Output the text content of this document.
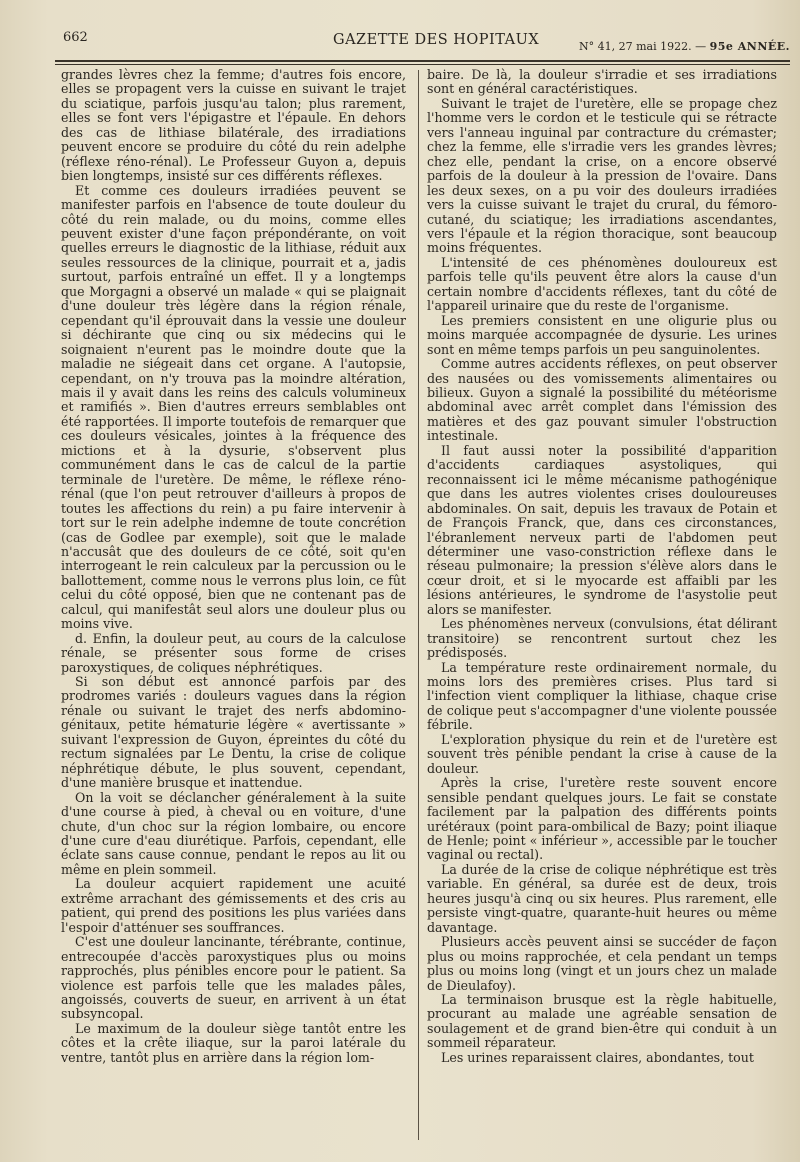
662	GAZETTE DES HOPITAUX	N° 41, 27 mai 1922. — 95e ANNÉE.

grandes lèvres chez la femme; d'autres fois encore, elles se propagent vers la cuisse en suivant le trajet du sciatique, parfois jusqu'au talon; plus rarement, elles se font vers l'épigastre et l'épaule. En dehors des cas de lithiase bilatérale, des irradiations peuvent encore se produire du côté du rein adelphe (réflexe réno-rénal). Le Professeur Guyon a, depuis bien longtemps, insisté sur ces différents réflexes.

Et comme ces douleurs irradiées peuvent se manifester parfois en l'absence de toute douleur du côté du rein malade, ou du moins, comme elles peuvent exister d'une façon prépondérante, on voit quelles erreurs le diagnostic de la lithiase, réduit aux seules ressources de la clinique, pourrait et a, jadis surtout, parfois entraîné un effet. Il y a longtemps que Morgagni a observé un malade « qui se plaignait d'une douleur très légère dans la région rénale, cependant qu'il éprouvait dans la vessie une douleur si déchirante que cinq ou six médecins qui le soignaient n'eurent pas le moindre doute que la maladie ne siégeait dans cet organe. A l'autopsie, cependant, on n'y trouva pas la moindre altération, mais il y avait dans les reins des calculs volumineux et ramifiés ». Bien d'autres erreurs semblables ont été rapportées. Il importe toutefois de remarquer que ces douleurs vésicales, jointes à la fréquence des mictions et à la dysurie, s'observent plus communément dans le cas de calcul de la partie terminale de l'uretère. De même, le réflexe réno-rénal (que l'on peut retrouver d'ailleurs à propos de toutes les affections du rein) a pu faire intervenir à tort sur le rein adelphe indemne de toute concrétion (cas de Godlee par exemple), soit que le malade n'accusât que des douleurs de ce côté, soit qu'en interrogeant le rein calculeux par la percussion ou le ballottement, comme nous le verrons plus loin, ce fût celui du côté opposé, bien que ne contenant pas de calcul, qui manifestât seul alors une douleur plus ou moins vive.

d. Enfin, la douleur peut, au cours de la calculose rénale, se présenter sous forme de crises paroxystiques, de coliques néphrétiques.

Si son début est annoncé parfois par des prodromes variés : douleurs vagues dans la région rénale ou suivant le trajet des nerfs abdomino-génitaux, petite hématurie légère « avertissante » suivant l'expression de Guyon, épreintes du côté du rectum signalées par Le Dentu, la crise de colique néphrétique débute, le plus souvent, cependant, d'une manière brusque et inattendue.

On la voit se déclancher généralement à la suite d'une course à pied, à cheval ou en voiture, d'une chute, d'un choc sur la région lombaire, ou encore d'une cure d'eau diurétique. Parfois, cependant, elle éclate sans cause connue, pendant le repos au lit ou même en plein sommeil.

La douleur acquiert rapidement une acuité extrême arrachant des gémissements et des cris au patient, qui prend des positions les plus variées dans l'espoir d'atténuer ses souffrances.

C'est une douleur lancinante, térébrante, continue, entrecoupée d'accès paroxystiques plus ou moins rapprochés, plus pénibles encore pour le patient. Sa violence est parfois telle que les malades pâles, angoissés, couverts de sueur, en arrivent à un état subsyncopal.

Le maximum de la douleur siège tantôt entre les côtes et la crête iliaque, sur la paroi latérale du ventre, tantôt plus en arrière dans la région lom-

baire. De là, la douleur s'irradie et ses irradiations sont en général caractéristiques.

Suivant le trajet de l'uretère, elle se propage chez l'homme vers le cordon et le testicule qui se rétracte vers l'anneau inguinal par contracture du crémaster; chez la femme, elle s'irradie vers les grandes lèvres; chez elle, pendant la crise, on a encore observé parfois de la douleur à la pression de l'ovaire. Dans les deux sexes, on a pu voir des douleurs irradiées vers la cuisse suivant le trajet du crural, du fémoro-cutané, du sciatique; les irradiations ascendantes, vers l'épaule et la région thoracique, sont beaucoup moins fréquentes.

L'intensité de ces phénomènes douloureux est parfois telle qu'ils peuvent être alors la cause d'un certain nombre d'accidents réflexes, tant du côté de l'appareil urinaire que du reste de l'organisme.

Les premiers consistent en une oligurie plus ou moins marquée accompagnée de dysurie. Les urines sont en même temps parfois un peu sanguinolentes.

Comme autres accidents réflexes, on peut observer des nausées ou des vomissements alimentaires ou bilieux. Guyon a signalé la possibilité du météorisme abdominal avec arrêt complet dans l'émission des matières et des gaz pouvant simuler l'obstruction intestinale.

Il faut aussi noter la possibilité d'apparition d'accidents cardiaques asystoliques, qui reconnaissent ici le même mécanisme pathogénique que dans les autres violentes crises douloureuses abdominales. On sait, depuis les travaux de Potain et de François Franck, que, dans ces circonstances, l'ébranlement nerveux parti de l'abdomen peut déterminer une vaso-constriction réflexe dans le réseau pulmonaire; la pression s'élève alors dans le cœur droit, et si le myocarde est affaibli par les lésions antérieures, le syndrome de l'asystolie peut alors se manifester.

Les phénomènes nerveux (convulsions, état délirant transitoire) se rencontrent surtout chez les prédisposés.

La température reste ordinairement normale, du moins lors des premières crises. Plus tard si l'infection vient compliquer la lithiase, chaque crise de colique peut s'accompagner d'une violente poussée fébrile.

L'exploration physique du rein et de l'uretère est souvent très pénible pendant la crise à cause de la douleur.

Après la crise, l'uretère reste souvent encore sensible pendant quelques jours. Le fait se constate facilement par la palpation des différents points urétéraux (point para-ombilical de Bazy; point iliaque de Henle; point « inférieur », accessible par le toucher vaginal ou rectal).

La durée de la crise de colique néphrétique est très variable. En général, sa durée est de deux, trois heures jusqu'à cinq ou six heures. Plus rarement, elle persiste vingt-quatre, quarante-huit heures ou même davantage.

Plusieurs accès peuvent ainsi se succéder de façon plus ou moins rapprochée, et cela pendant un temps plus ou moins long (vingt et un jours chez un malade de Dieulafoy).

La terminaison brusque est la règle habituelle, procurant au malade une agréable sensation de soulagement et de grand bien-être qui conduit à un sommeil réparateur.

Les urines reparaissent claires, abondantes, tout
